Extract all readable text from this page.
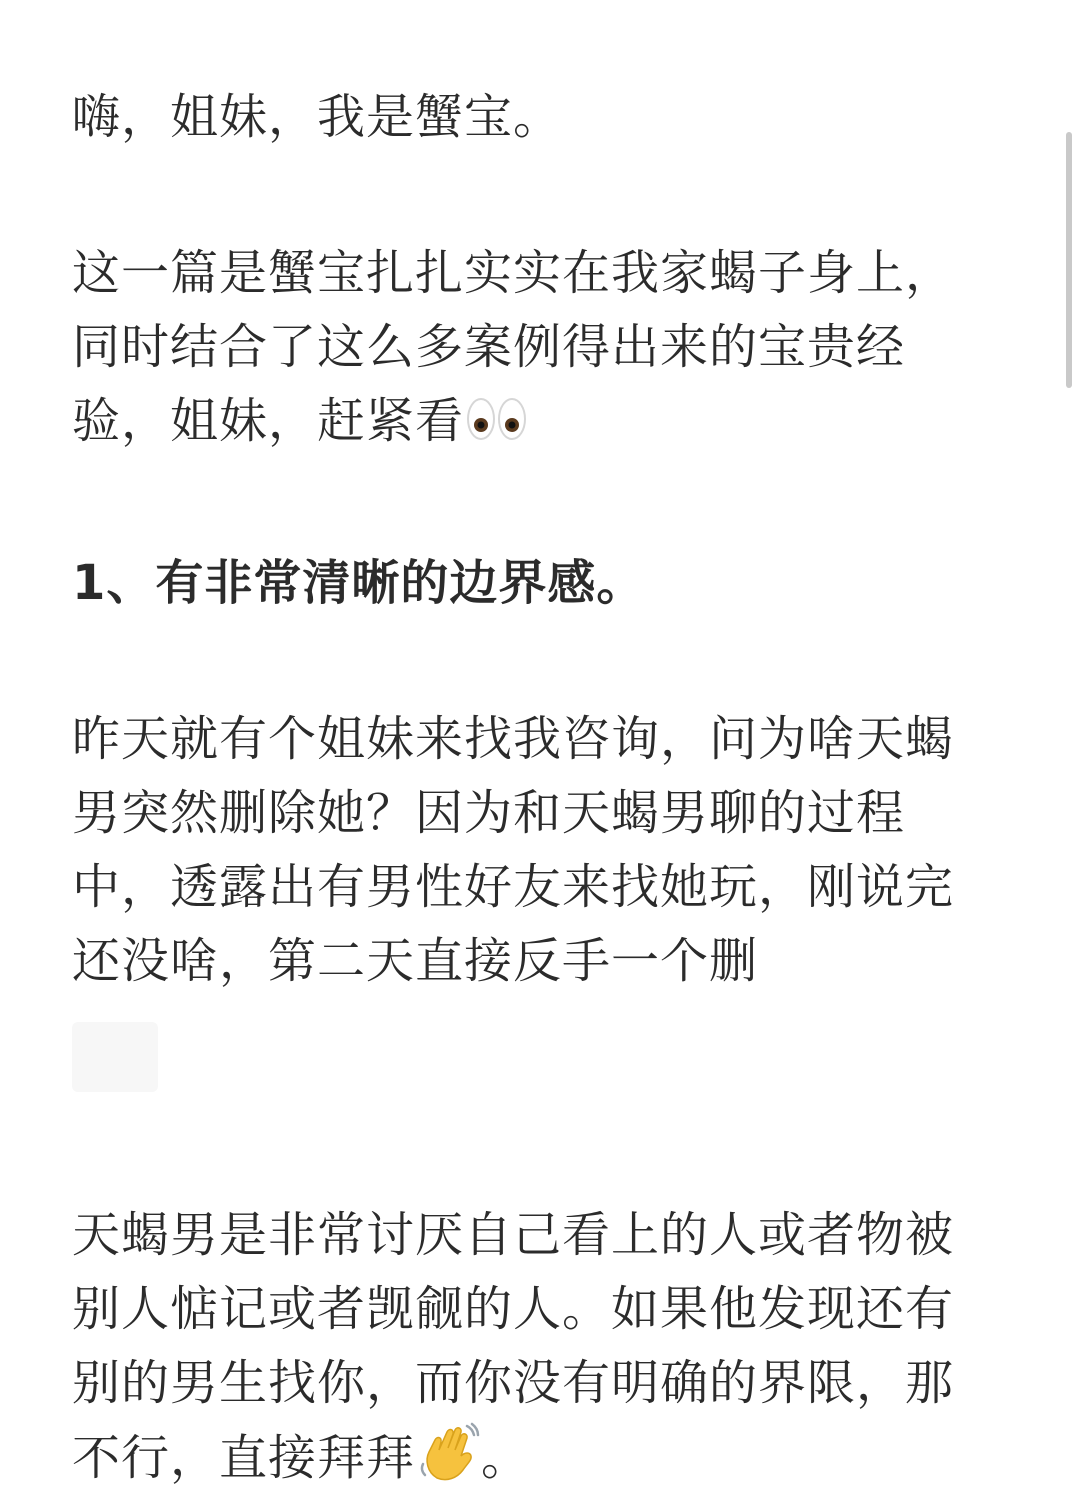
嗨，姐妹，我是蟹宝。

这一篇是蟹宝扎扎实实在我家蝎子身上，同时结合了这么多案例得出来的宝贵经验，姐妹，赶紧看

1、有非常清晰的边界感。

昨天就有个姐妹来找我咨询，问为啥天蝎男突然删除她？因为和天蝎男聊的过程中，透露出有男性好友来找她玩，刚说完还没啥，第二天直接反手一个删

天蝎男是非常讨厌自己看上的人或者物被别人惦记或者觊觎的人。如果他发现还有别的男生找你，而你没有明确的界限，那不行，直接拜拜 。
